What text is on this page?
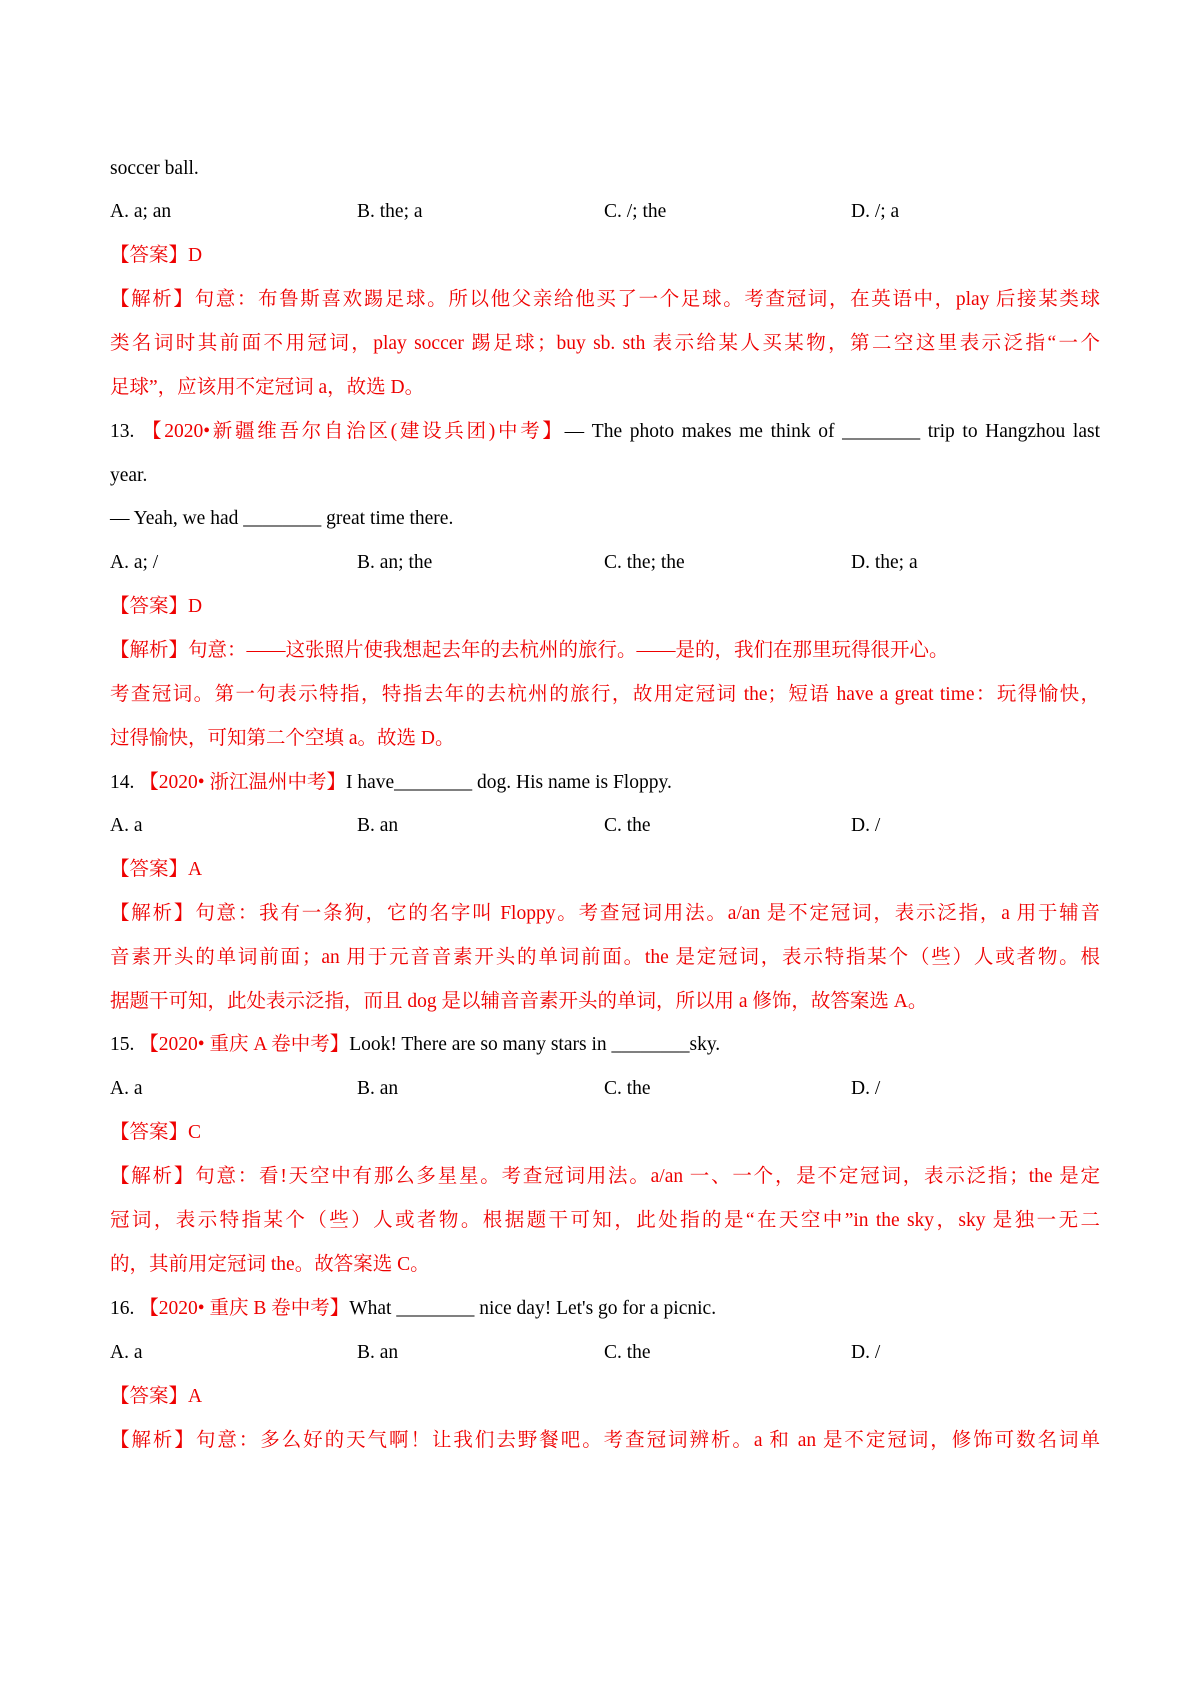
soccer ball.
A. a; an	B. the; a	C. /; the	D. /; a
【答案】D
【解析】句意：布鲁斯喜欢踢足球。所以他父亲给他买了一个足球。考查冠词，在英语中，play 后接某类球
类名词时其前面不用冠词，play soccer 踢足球；buy sb. sth 表示给某人买某物，第二空这里表示泛指“一个
足球”，应该用不定冠词 a，故选 D。
13. 【2020•新疆维吾尔自治区(建设兵团)中考】— The photo makes me think of ________ trip to Hangzhou last
year.
— Yeah, we had ________ great time there.
A. a; /	B. an; the	C. the; the	D. the; a
【答案】D
【解析】句意：——这张照片使我想起去年的去杭州的旅行。——是的，我们在那里玩得很开心。
考查冠词。第一句表示特指，特指去年的去杭州的旅行，故用定冠词 the；短语 have a great time：玩得愉快，
过得愉快，可知第二个空填 a。故选 D。
14. 【2020• 浙江温州中考】I have________ dog. His name is Floppy.
A. a	B. an	C. the	D. /
【答案】A
【解析】句意：我有一条狗，它的名字叫 Floppy。考查冠词用法。a/an 是不定冠词，表示泛指，a 用于辅音
音素开头的单词前面；an 用于元音音素开头的单词前面。the 是定冠词，表示特指某个（些）人或者物。根
据题干可知，此处表示泛指，而且 dog 是以辅音音素开头的单词，所以用 a 修饰，故答案选 A。
15. 【2020• 重庆 A 卷中考】Look! There are so many stars in ________sky.
A. a	B. an	C. the	D. /
【答案】C
【解析】句意：看!天空中有那么多星星。考查冠词用法。a/an 一、一个，是不定冠词，表示泛指；the 是定
冠词，表示特指某个（些）人或者物。根据题干可知，此处指的是“在天空中”in the sky，sky 是独一无二
的，其前用定冠词 the。故答案选 C。
16. 【2020• 重庆 B 卷中考】What ________ nice day! Let's go for a picnic.
A. a	B. an	C. the	D. /
【答案】A
【解析】句意：多么好的天气啊！让我们去野餐吧。考查冠词辨析。a 和 an 是不定冠词，修饰可数名词单
